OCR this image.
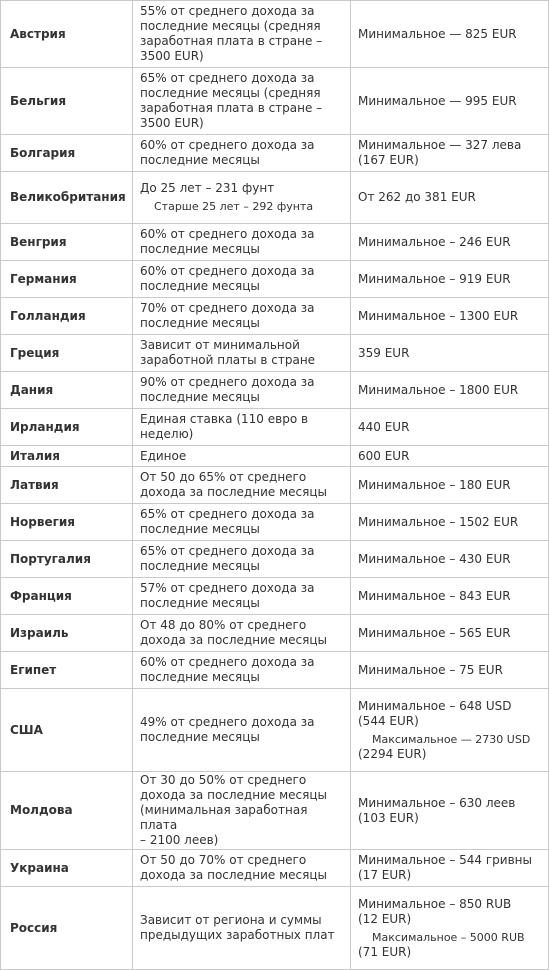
Австрия	55% от среднего дохода за
последние месяцы (средняя
заработная плата в стране –
3500 EUR)	Минимальное — 825 EUR

Бельгия	65% от среднего дохода за
последние месяцы (средняя
заработная плата в стране –
3500 EUR)	Минимальное — 995 EUR

Болгария	60% от среднего дохода за
последние месяцы	Минимальное — 327 лева
(167 EUR)

Великобритания	До 25 лет – 231 фунт
Старше 25 лет – 292 фунта	От 262 до 381 EUR

Венгрия	60% от среднего дохода за
последние месяцы	Минимальное – 246 EUR

Германия	60% от среднего дохода за
последние месяцы	Минимальное – 919 EUR

Голландия	70% от среднего дохода за
последние месяцы	Минимальное – 1300 EUR

Греция	Зависит от минимальной
заработной платы в стране	359 EUR

Дания	90% от среднего дохода за
последние месяцы	Минимальное – 1800 EUR

Ирландия	Единая ставка (110 евро в
неделю)	440 EUR

Италия	Единое	600 EUR

Латвия	От 50 до 65% от среднего
дохода за последние месяцы	Минимальное – 180 EUR

Норвегия	65% от среднего дохода за
последние месяцы	Минимальное – 1502 EUR

Португалия	65% от среднего дохода за
последние месяцы	Минимальное – 430 EUR

Франция	57% от среднего дохода за
последние месяцы	Минимальное – 843 EUR

Израиль	От 48 до 80% от среднего
дохода за последние месяцы	Минимальное – 565 EUR

Египет	60% от среднего дохода за
последние месяцы	Минимальное – 75 EUR

США	49% от среднего дохода за
последние месяцы	Минимальное – 648 USD
(544 EUR)
Максимальное — 2730 USD
(2294 EUR)

Молдова	От 30 до 50% от среднего
дохода за последние месяцы
(минимальная заработная плата
– 2100 леев)	Минимальное – 630 леев
(103 EUR)

Украина	От 50 до 70% от среднего
дохода за последние месяцы	Минимальное – 544 гривны
(17 EUR)

Россия	Зависит от региона и суммы
предыдущих заработных плат	Минимальное – 850 RUB
(12 EUR)
Максимальное – 5000 RUB
(71 EUR)
